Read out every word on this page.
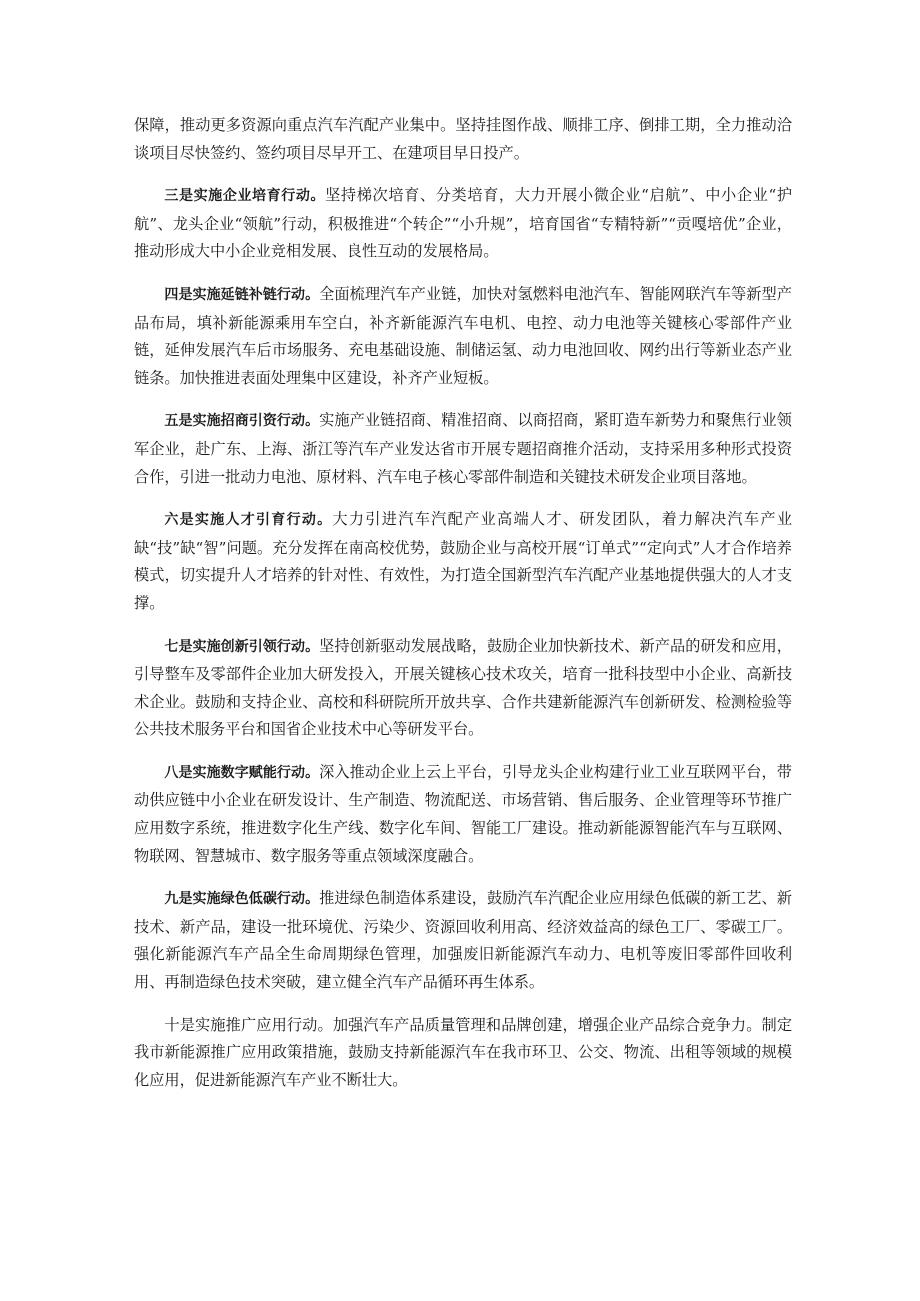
保障，推动更多资源向重点汽车汽配产业集中。坚持挂图作战、顺排工序、倒排工期，全力推动洽谈项目尽快签约、签约项目尽早开工、在建项目早日投产。

三是实施企业培育行动。坚持梯次培育、分类培育，大力开展小微企业“启航”、中小企业“护航”、龙头企业“领航”行动，积极推进“个转企”“小升规”，培育国省“专精特新”“贡嘎培优”企业，推动形成大中小企业竞相发展、良性互动的发展格局。

四是实施延链补链行动。全面梳理汽车产业链，加快对氢燃料电池汽车、智能网联汽车等新型产品布局，填补新能源乘用车空白，补齐新能源汽车电机、电控、动力电池等关键核心零部件产业链，延伸发展汽车后市场服务、充电基础设施、制储运氢、动力电池回收、网约出行等新业态产业链条。加快推进表面处理集中区建设，补齐产业短板。

五是实施招商引资行动。实施产业链招商、精准招商、以商招商，紧盯造车新势力和聚焦行业领军企业，赴广东、上海、浙江等汽车产业发达省市开展专题招商推介活动，支持采用多种形式投资合作，引进一批动力电池、原材料、汽车电子核心零部件制造和关键技术研发企业项目落地。

六是实施人才引育行动。大力引进汽车汽配产业高端人才、研发团队，着力解决汽车产业缺“技”缺“智”问题。充分发挥在南高校优势，鼓励企业与高校开展“订单式”“定向式”人才合作培养模式，切实提升人才培养的针对性、有效性，为打造全国新型汽车汽配产业基地提供强大的人才支撑。

七是实施创新引领行动。坚持创新驱动发展战略，鼓励企业加快新技术、新产品的研发和应用，引导整车及零部件企业加大研发投入，开展关键核心技术攻关，培育一批科技型中小企业、高新技术企业。鼓励和支持企业、高校和科研院所开放共享、合作共建新能源汽车创新研发、检测检验等公共技术服务平台和国省企业技术中心等研发平台。

八是实施数字赋能行动。深入推动企业上云上平台，引导龙头企业构建行业工业互联网平台，带动供应链中小企业在研发设计、生产制造、物流配送、市场营销、售后服务、企业管理等环节推广应用数字系统，推进数字化生产线、数字化车间、智能工厂建设。推动新能源智能汽车与互联网、物联网、智慧城市、数字服务等重点领域深度融合。

九是实施绿色低碳行动。推进绿色制造体系建设，鼓励汽车汽配企业应用绿色低碳的新工艺、新技术、新产品，建设一批环境优、污染少、资源回收利用高、经济效益高的绿色工厂、零碳工厂。强化新能源汽车产品全生命周期绿色管理，加强废旧新能源汽车动力、电机等废旧零部件回收利用、再制造绿色技术突破，建立健全汽车产品循环再生体系。

十是实施推广应用行动。加强汽车产品质量管理和品牌创建，增强企业产品综合竞争力。制定我市新能源推广应用政策措施，鼓励支持新能源汽车在我市环卫、公交、物流、出租等领域的规模化应用，促进新能源汽车产业不断壮大。
